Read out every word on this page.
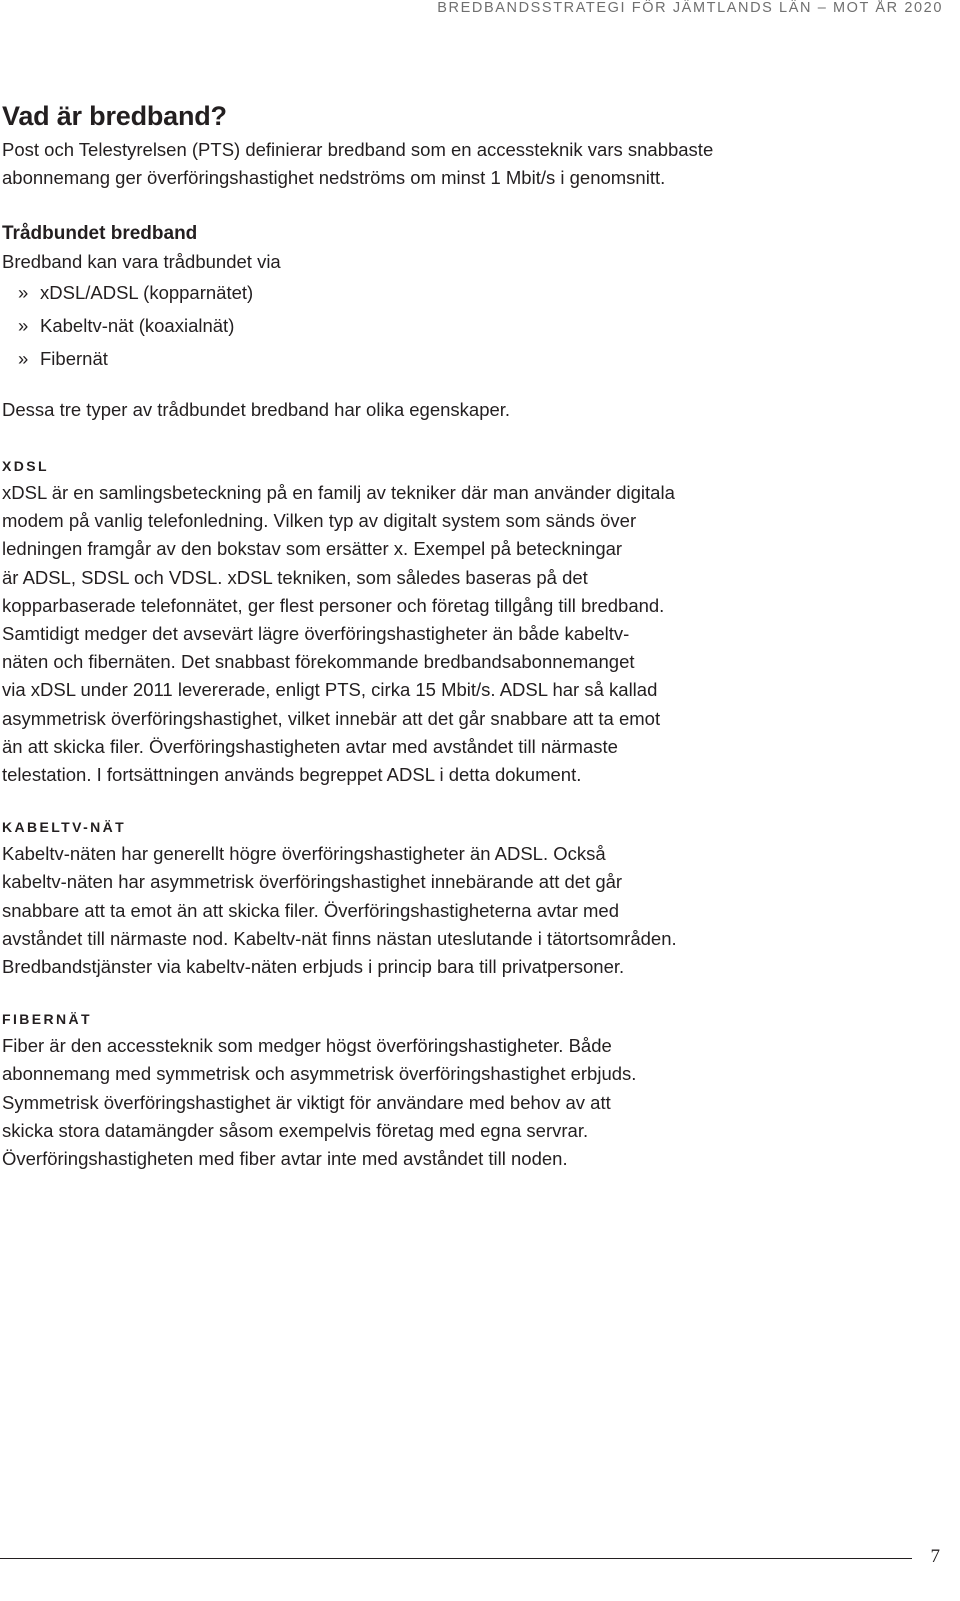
BREDBANDSSTRATEGI FÖR JÄMTLANDS LÄN – MOT ÅR 2020
Vad är bredband?

Post och Telestyrelsen (PTS) definierar bredband som en accessteknik vars snabbaste abonnemang ger överföringshastighet nedströms om minst 1 Mbit/s i genomsnitt.

Trådbundet bredband

Bredband kan vara trådbundet via

» xDSL/ADSL (kopparnätet)
» Kabeltv-nät (koaxialnät)
» Fibernät

Dessa tre typer av trådbundet bredband har olika egenskaper.

XDSL
xDSL är en samlingsbeteckning på en familj av tekniker där man använder digitala
modem på vanlig telefonledning. Vilken typ av digitalt system som sänds över
ledningen framgår av den bokstav som ersätter x. Exempel på beteckningar
är ADSL, SDSL och VDSL. xDSL tekniken, som således baseras på det
kopparbaserade telefonnätet, ger flest personer och företag tillgång till bredband.
Samtidigt medger det avsevärt lägre överföringshastigheter än både kabeltv-
näten och fibernäten. Det snabbast förekommande bredbandsabonnemanget
via xDSL under 2011 levererade, enligt PTS, cirka 15 Mbit/s. ADSL har så kallad
asymmetrisk överföringshastighet, vilket innebär att det går snabbare att ta emot
än att skicka filer. Överföringshastigheten avtar med avståndet till närmaste
telestation. I fortsättningen används begreppet ADSL i detta dokument.
KABELTV-NÄT
Kabeltv-näten har generellt högre överföringshastigheter än ADSL. Också
kabeltv-näten har asymmetrisk överföringshastighet innebärande att det går
snabbare att ta emot än att skicka filer. Överföringshastigheterna avtar med
avståndet till närmaste nod. Kabeltv-nät finns nästan uteslutande i tätortsområden.
Bredbandstjänster via kabeltv-näten erbjuds i princip bara till privatpersoner.
FIBERNÄT
Fiber är den accessteknik som medger högst överföringshastigheter. Både
abonnemang med symmetrisk och asymmetrisk överföringshastighet erbjuds.
Symmetrisk överföringshastighet är viktigt för användare med behov av att
skicka stora datamängder såsom exempelvis företag med egna servrar.
Överföringshastigheten med fiber avtar inte med avståndet till noden.
7
